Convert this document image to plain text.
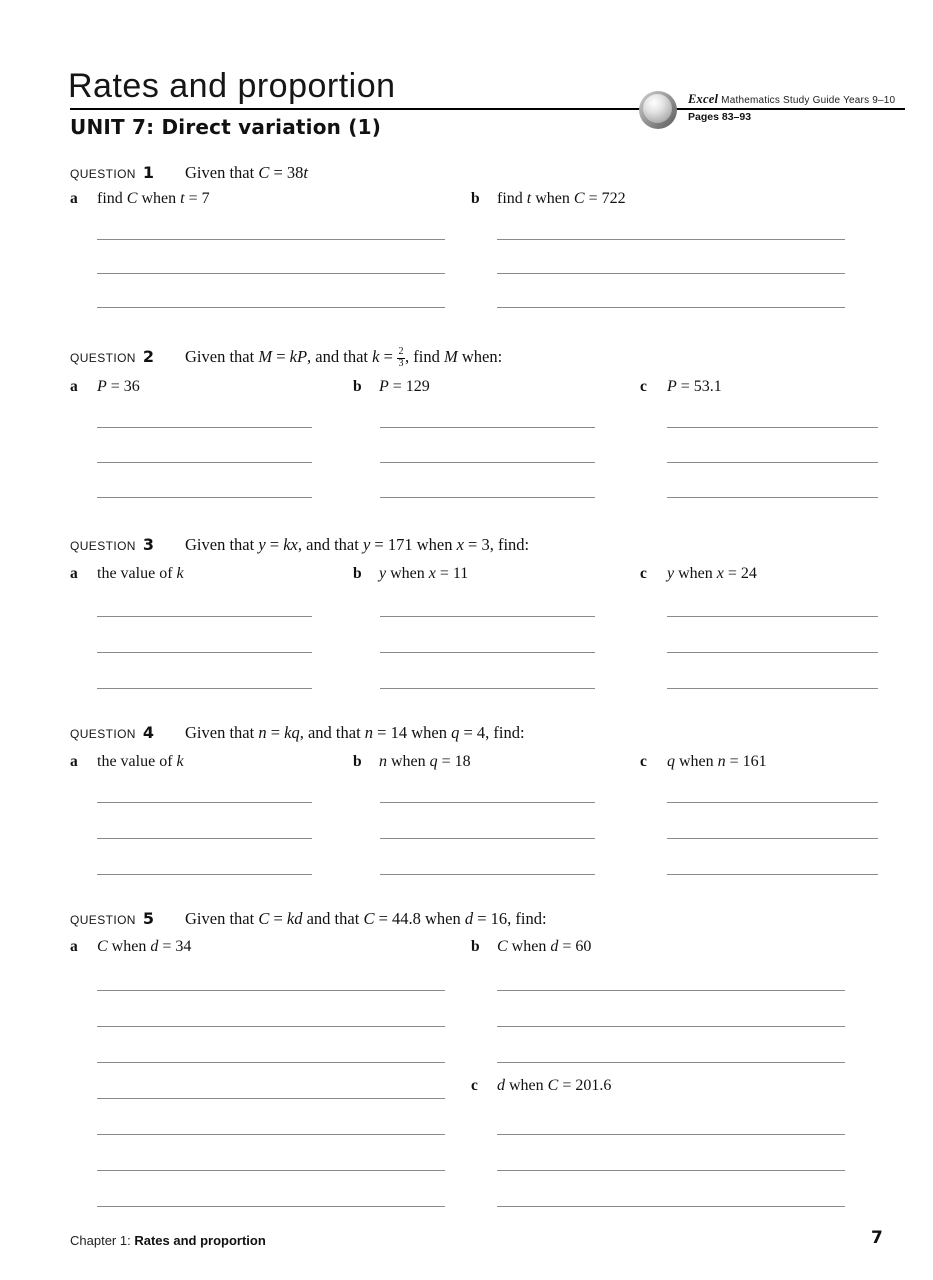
Rates and proportion	Excel Mathematics Study Guide Years 9–10
Pages 83–93
UNIT 7: Direct variation (1)
question 1 Given that C = 38t
a find C when t = 7	b find t when C = 722
question 2 Given that M = kP, and that $k = \frac{2}{3}$ , find M when:
a P = 36	b P = 129	c P = 53.1
question 3 Given that y = kx, and that y = 171 when x = 3, find:
a the value of k	b y when x = 11	c y when x = 24
question 4 Given that n = kq, and that n = 14 when q = 4, find:
a the value of k	b n when q = 18	c q when n = 161
question 5 Given that C = kd and that C = 44.8 when d = 16, find:
a C when d = 34	b C when d = 60
c d when C = 201.6
Chapter 1: Rates and proportion	7
